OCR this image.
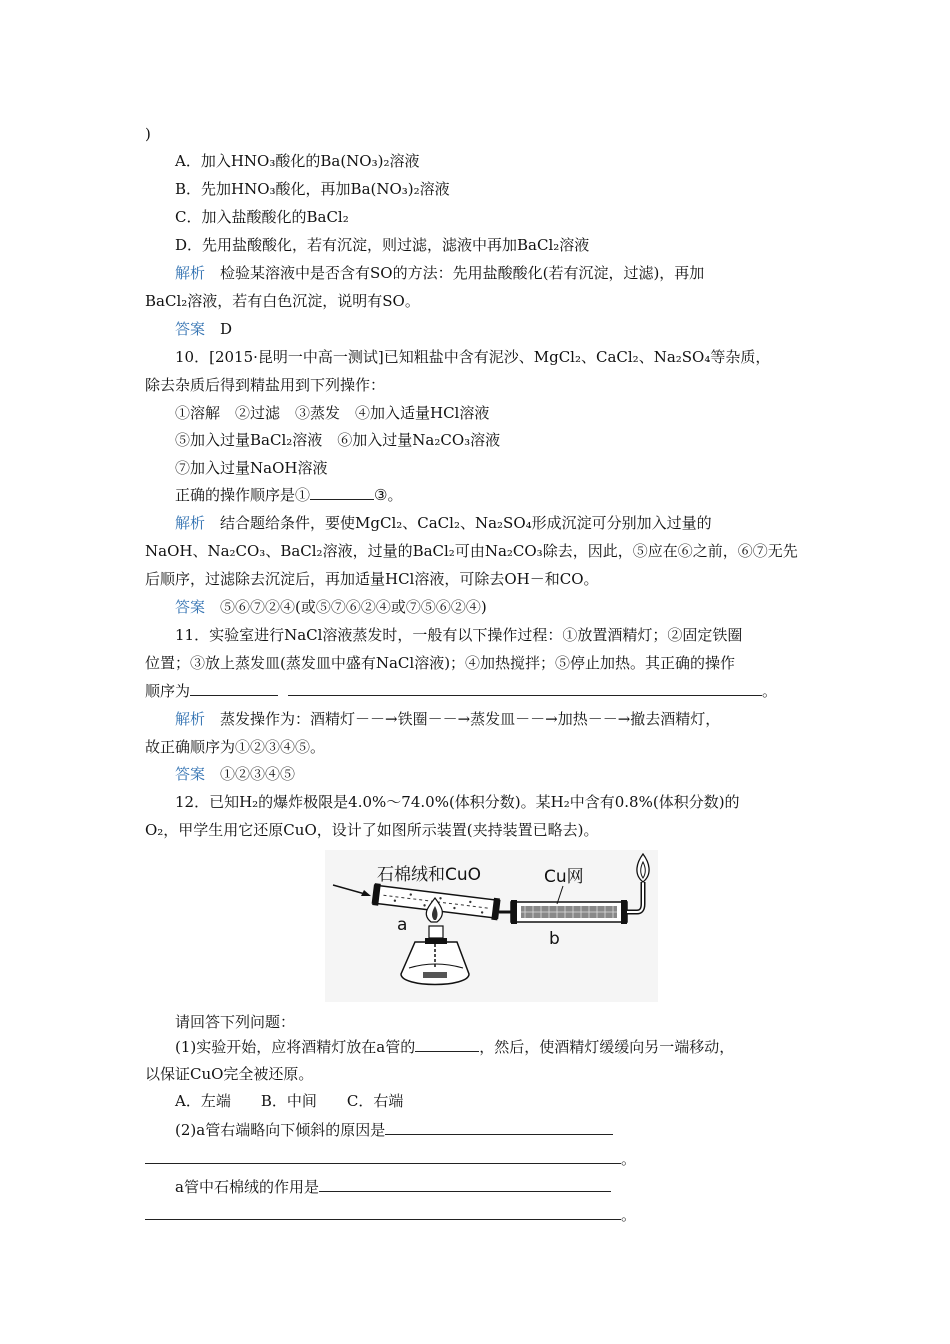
)
A．加入HNO₃酸化的Ba(NO₃)₂溶液
B．先加HNO₃酸化，再加Ba(NO₃)₂溶液
C．加入盐酸酸化的BaCl₂
D．先用盐酸酸化，若有沉淀，则过滤，滤液中再加BaCl₂溶液
解析　检验某溶液中是否含有SO的方法：先用盐酸酸化(若有沉淀，过滤)，再加
BaCl₂溶液，若有白色沉淀，说明有SO。
答案　D
10．[2015·昆明一中高一测试]已知粗盐中含有泥沙、MgCl₂、CaCl₂、Na₂SO₄等杂质，
除去杂质后得到精盐用到下列操作：
①溶解　②过滤　③蒸发　④加入适量HCl溶液
⑤加入过量BaCl₂溶液　⑥加入过量Na₂CO₃溶液
⑦加入过量NaOH溶液
正确的操作顺序是①	③。
解析　结合题给条件，要使MgCl₂、CaCl₂、Na₂SO₄形成沉淀可分别加入过量的
NaOH、Na₂CO₃、BaCl₂溶液，过量的BaCl₂可由Na₂CO₃除去，因此，⑤应在⑥之前，⑥⑦无先
后顺序，过滤除去沉淀后，再加适量HCl溶液，可除去OH－和CO。
答案　⑤⑥⑦②④(或⑤⑦⑥②④或⑦⑤⑥②④)
11．实验室进行NaCl溶液蒸发时，一般有以下操作过程：①放置酒精灯；②固定铁圈
位置；③放上蒸发皿(蒸发皿中盛有NaCl溶液)；④加热搅拌；⑤停止加热。其正确的操作
顺序为	。
解析　蒸发操作为：酒精灯－－→铁圈－－→蒸发皿－－→加热－－→撤去酒精灯，
故正确顺序为①②③④⑤。
答案　①②③④⑤
12．已知H₂的爆炸极限是4.0%～74.0%(体积分数)。某H₂中含有0.8%(体积分数)的
O₂，甲学生用它还原CuO，设计了如图所示装置(夹持装置已略去)。
石棉绒和CuO	Cu网
a
b
请回答下列问题：
(1)实验开始，应将酒精灯放在a管的	，然后，使酒精灯缓缓向另一端移动，
以保证CuO完全被还原。
A．左端　　B．中间　　C．右端
(2)a管右端略向下倾斜的原因是
。
a管中石棉绒的作用是
。
